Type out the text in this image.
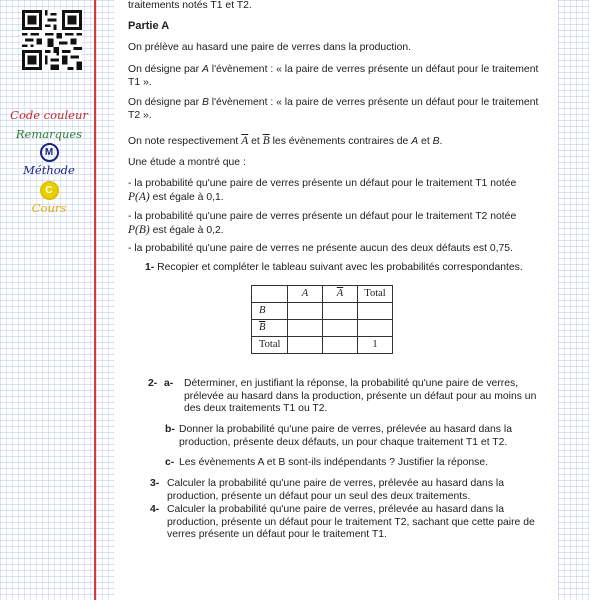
Code couleur
Remarques
M
Méthode
C
Cours

traitements notés T1 et T2.

Partie A

On prélève au hasard une paire de verres dans la production.

On désigne par A l'évènement : « la paire de verres présente un défaut pour le traitement T1 ».

On désigne par B l'évènement : « la paire de verres présente un défaut pour le traitement T2 ».

On note respectivement $\overline{A}$ et $\overline{B}$ les évènements contraires de A et B.

Une étude a montré que :

- la probabilité qu'une paire de verres présente un défaut pour le traitement T1 notée
P(A) est égale à 0,1.

- la probabilité qu'une paire de verres présente un défaut pour le traitement T2 notée
P(B) est égale à 0,2.

- la probabilité qu'une paire de verres ne présente aucun des deux défauts est 0,75.

1- Recopier et compléter le tableau suivant avec les probabilités correspondantes.

	A	$\overline{A}$	Total
B			
$\overline{B}$			
Total			1
2- a- Déterminer, en justifiant la réponse, la probabilité qu'une paire de verres, prélevée au hasard dans la production, présente un défaut pour au moins un des deux traitements T1 ou T2.

b- Donner la probabilité qu'une paire de verres, prélevée au hasard dans la production, présente deux défauts, un pour chaque traitement T1 et T2.

c- Les évènements A et B sont-ils indépendants ? Justifier la réponse.

3- Calculer la probabilité qu'une paire de verres, prélevée au hasard dans la production, présente un défaut pour un seul des deux traitements.

4- Calculer la probabilité qu'une paire de verres, prélevée au hasard dans la production, présente un défaut pour le traitement T2, sachant que cette paire de verres présente un défaut pour le traitement T1.
